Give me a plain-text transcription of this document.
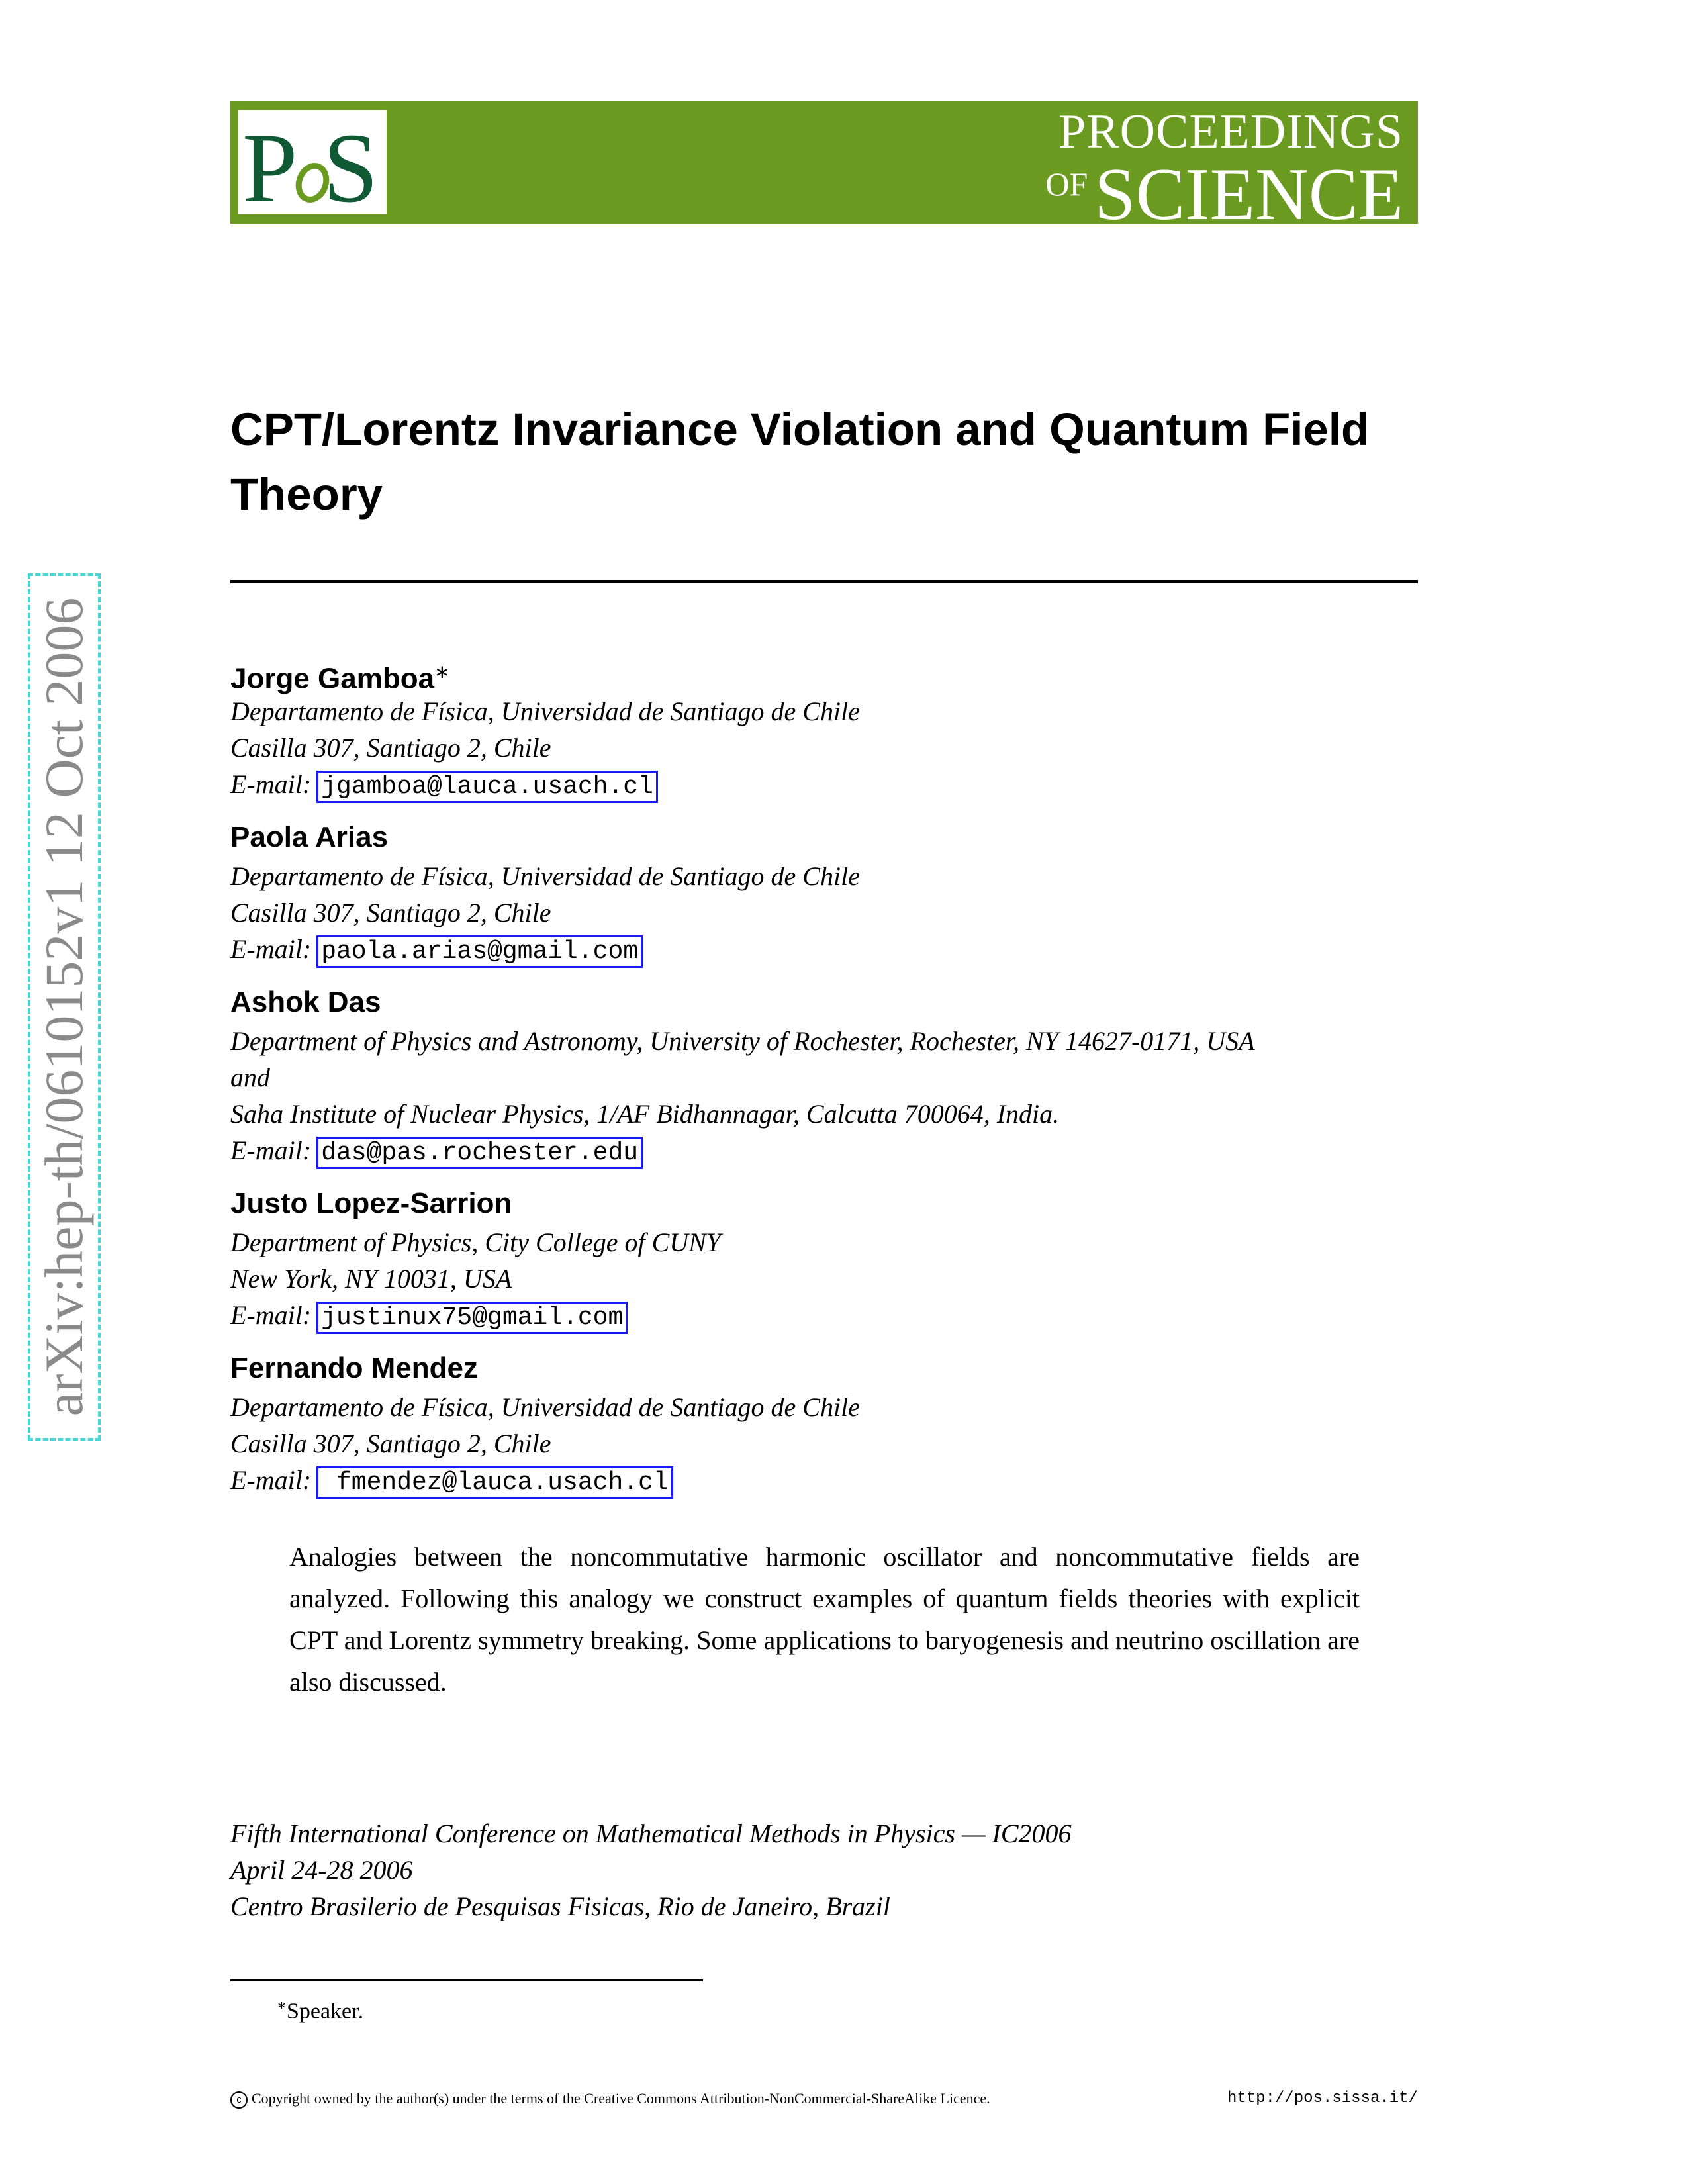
P S	PROCEEDINGS
OFSCIENCE
arXiv:hep-th/0610152v1 12 Oct 2006
CPT/Lorentz Invariance Violation and Quantum Field Theory
Jorge Gamboa∗
Departamento de Física, Universidad de Santiago de Chile
Casilla 307, Santiago 2, Chile
E-mail: jgamboa@lauca.usach.cl
Paola Arias
Departamento de Física, Universidad de Santiago de Chile
Casilla 307, Santiago 2, Chile
E-mail: paola.arias@gmail.com
Ashok Das
Department of Physics and Astronomy, University of Rochester, Rochester, NY 14627-0171, USA
and
Saha Institute of Nuclear Physics, 1/AF Bidhannagar, Calcutta 700064, India.
E-mail: das@pas.rochester.edu
Justo Lopez-Sarrion
Department of Physics, City College of CUNY
New York, NY 10031, USA
E-mail: justinux75@gmail.com
Fernando Mendez
Departamento de Física, Universidad de Santiago de Chile
Casilla 307, Santiago 2, Chile
E-mail: fmendez@lauca.usach.cl

Analogies between the noncommutative harmonic oscillator and noncommutative fields are analyzed. Following this analogy we construct examples of quantum fields theories with explicit CPT and Lorentz symmetry breaking. Some applications to baryogenesis and neutrino oscillation are also discussed.

Fifth International Conference on Mathematical Methods in Physics — IC2006
April 24-28 2006
Centro Brasilerio de Pesquisas Fisicas, Rio de Janeiro, Brazil
∗Speaker.
c Copyright owned by the author(s) under the terms of the Creative Commons Attribution-NonCommercial-ShareAlike Licence.	http://pos.sissa.it/
